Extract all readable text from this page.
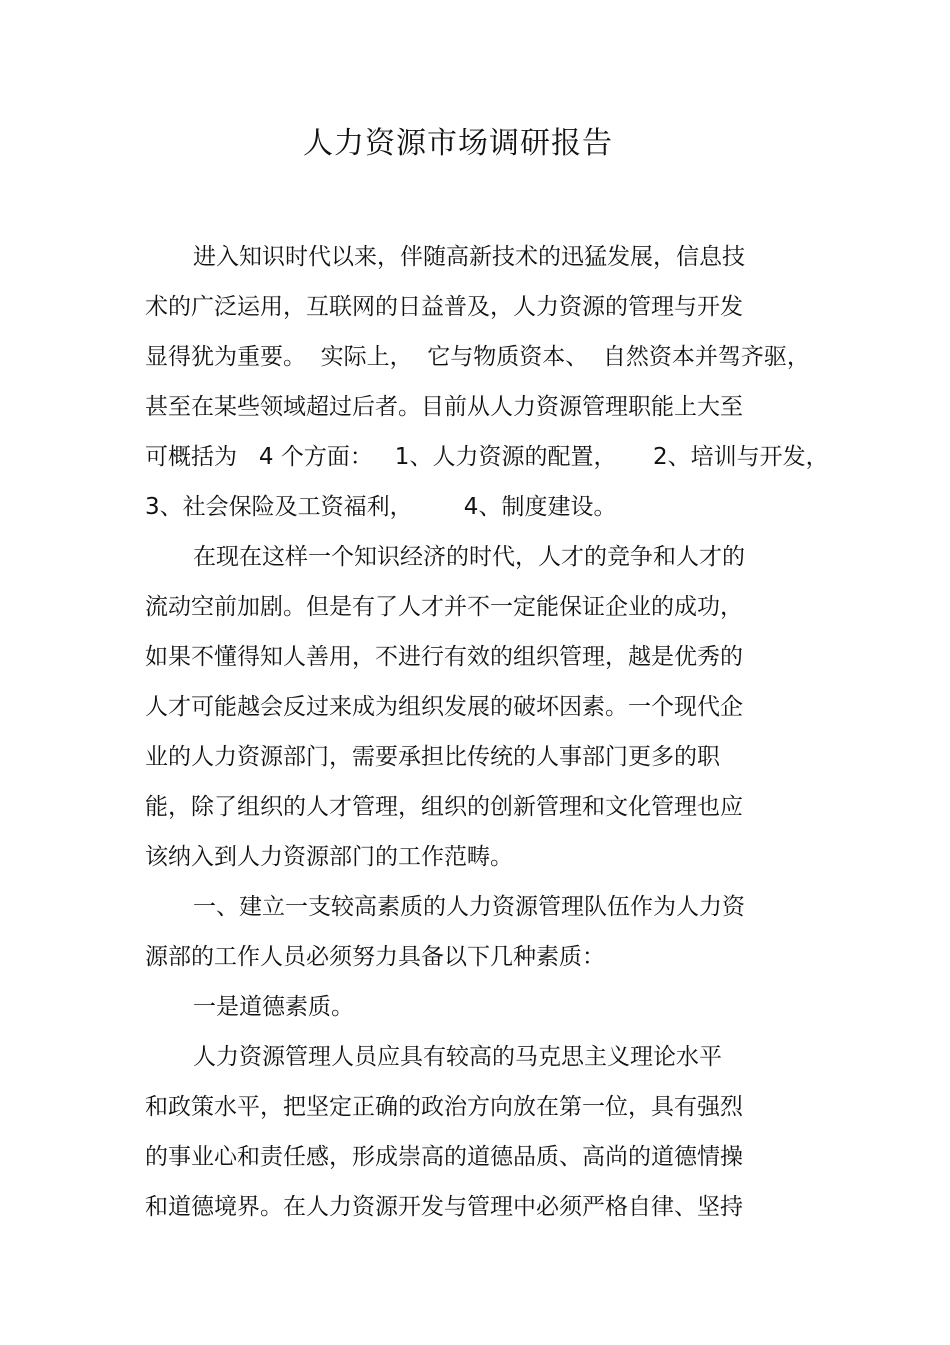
人力资源市场调研报告
进入知识时代以来，伴随高新技术的迅猛发展，信息技
术的广泛运用，互联网的日益普及，人力资源的管理与开发
显得犹为重要。  实际上，  它与物质资本、  自然资本并驾齐驱，
甚至在某些领域超过后者。目前从人力资源管理职能上大至
可概括为   4 个方面：   1、人力资源的配置，     2、培训与开发，
3、社会保险及工资福利，       4、制度建设。
在现在这样一个知识经济的时代，人才的竞争和人才的
流动空前加剧。但是有了人才并不一定能保证企业的成功，
如果不懂得知人善用，不进行有效的组织管理，越是优秀的
人才可能越会反过来成为组织发展的破坏因素。一个现代企
业的人力资源部门，需要承担比传统的人事部门更多的职
能，除了组织的人才管理，组织的创新管理和文化管理也应
该纳入到人力资源部门的工作范畴。
一、建立一支较高素质的人力资源管理队伍作为人力资
源部的工作人员必须努力具备以下几种素质：
一是道德素质。
人力资源管理人员应具有较高的马克思主义理论水平
和政策水平，把坚定正确的政治方向放在第一位，具有强烈
的事业心和责任感，形成崇高的道德品质、高尚的道德情操
和道德境界。在人力资源开发与管理中必须严格自律、坚持
